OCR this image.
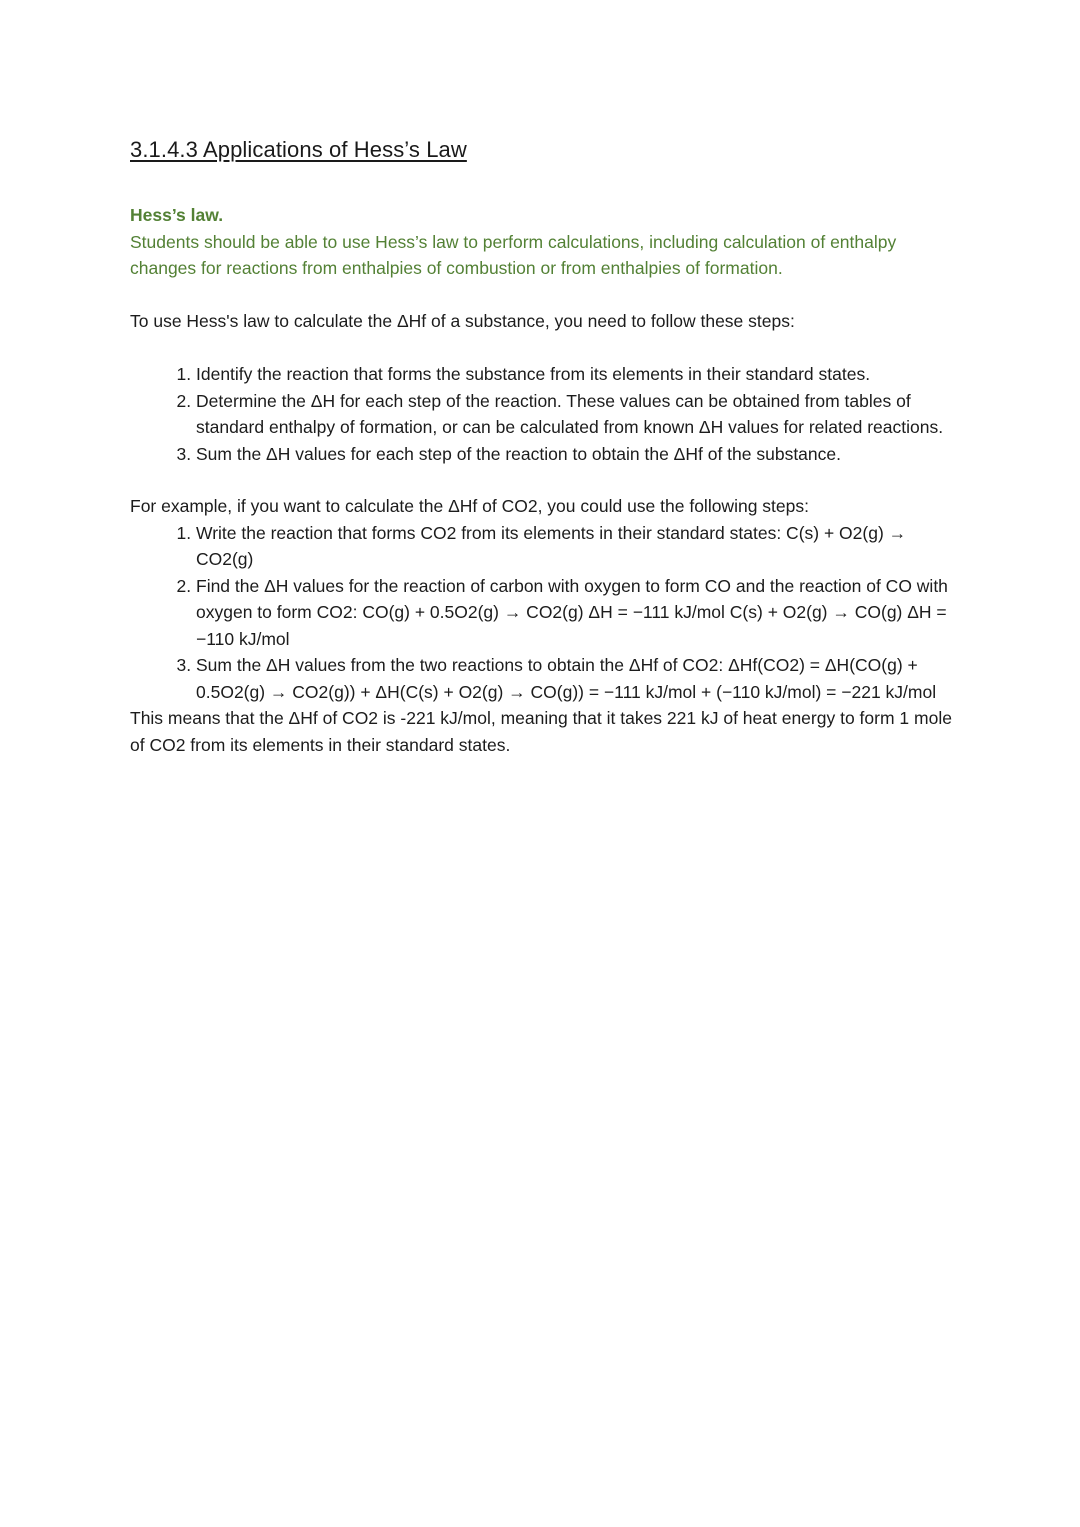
3.1.4.3 Applications of Hess’s Law

Hess’s law.

Students should be able to use Hess’s law to perform calculations, including calculation of enthalpy changes for reactions from enthalpies of combustion or from enthalpies of formation.

To use Hess's law to calculate the ΔHf of a substance, you need to follow these steps:

1. Identify the reaction that forms the substance from its elements in their standard states.
2. Determine the ΔH for each step of the reaction. These values can be obtained from tables of standard enthalpy of formation, or can be calculated from known ΔH values for related reactions.
3. Sum the ΔH values for each step of the reaction to obtain the ΔHf of the substance.

For example, if you want to calculate the ΔHf of CO2, you could use the following steps:

1. Write the reaction that forms CO2 from its elements in their standard states: C(s) + O2(g) → CO2(g)
2. Find the ΔH values for the reaction of carbon with oxygen to form CO and the reaction of CO with oxygen to form CO2: CO(g) + 0.5O2(g) → CO2(g) ΔH = −111 kJ/mol C(s) + O2(g) → CO(g) ΔH = −110 kJ/mol
3. Sum the ΔH values from the two reactions to obtain the ΔHf of CO2: ΔHf(CO2) = ΔH(CO(g) + 0.5O2(g) → CO2(g)) + ΔH(C(s) + O2(g) → CO(g)) = −111 kJ/mol + (−110 kJ/mol) = −221 kJ/mol

This means that the ΔHf of CO2 is -221 kJ/mol, meaning that it takes 221 kJ of heat energy to form 1 mole of CO2 from its elements in their standard states.
